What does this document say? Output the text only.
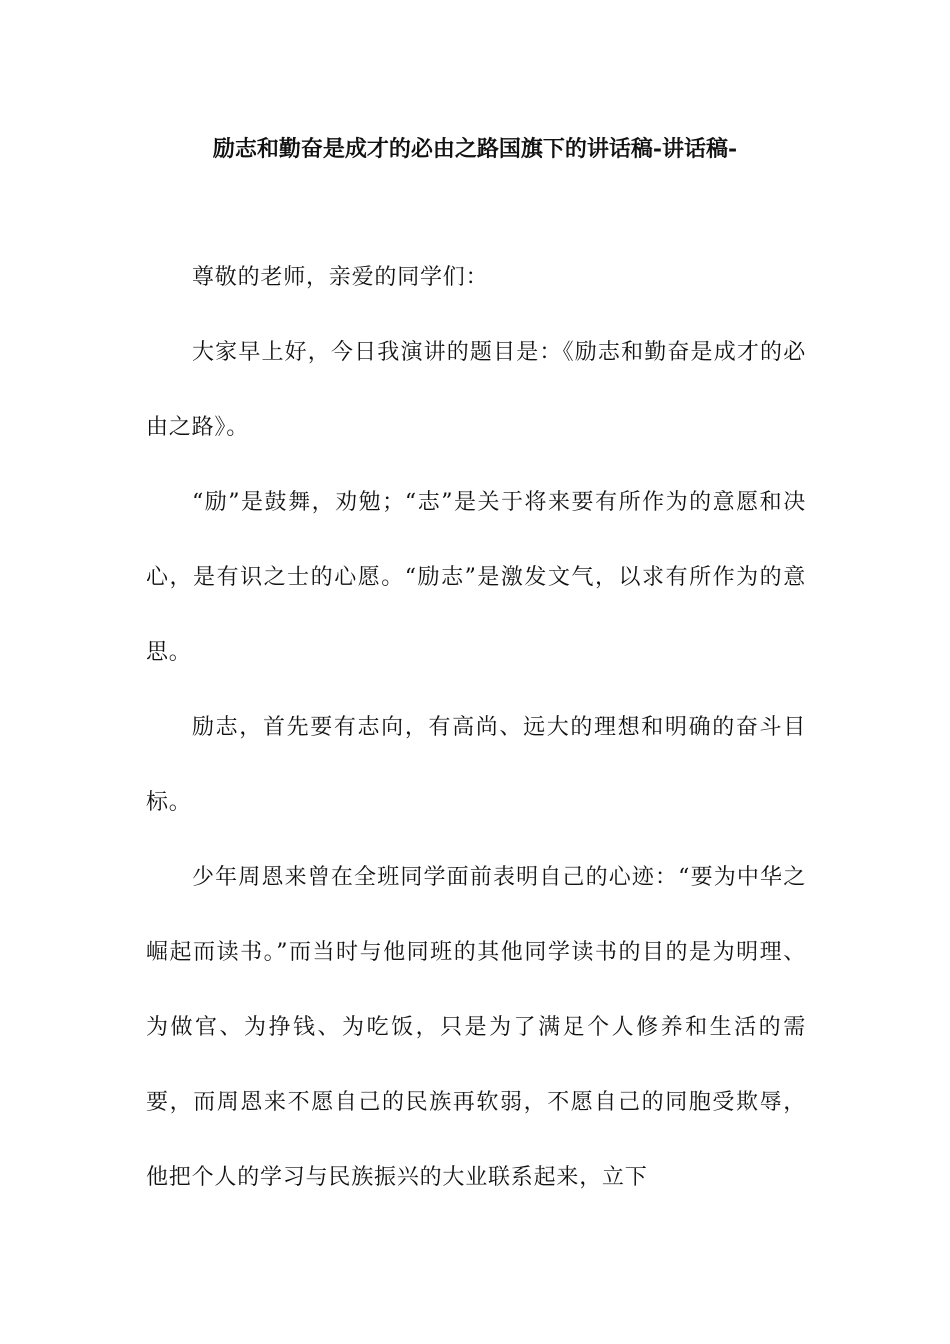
励志和勤奋是成才的必由之路国旗下的讲话稿-讲话稿-

尊敬的老师，亲爱的同学们：

大家早上好，今日我演讲的题目是：《励志和勤奋是成才的必由之路》。

“励”是鼓舞，劝勉；“志”是关于将来要有所作为的意愿和决心，是有识之士的心愿。“励志”是激发文气，以求有所作为的意思。

励志，首先要有志向，有高尚、远大的理想和明确的奋斗目标。

少年周恩来曾在全班同学面前表明自己的心迹：“要为中华之崛起而读书。”而当时与他同班的其他同学读书的目的是为明理、为做官、为挣钱、为吃饭，只是为了满足个人修养和生活的需要，而周恩来不愿自己的民族再软弱，不愿自己的同胞受欺辱，他把个人的学习与民族振兴的大业联系起来，立下
